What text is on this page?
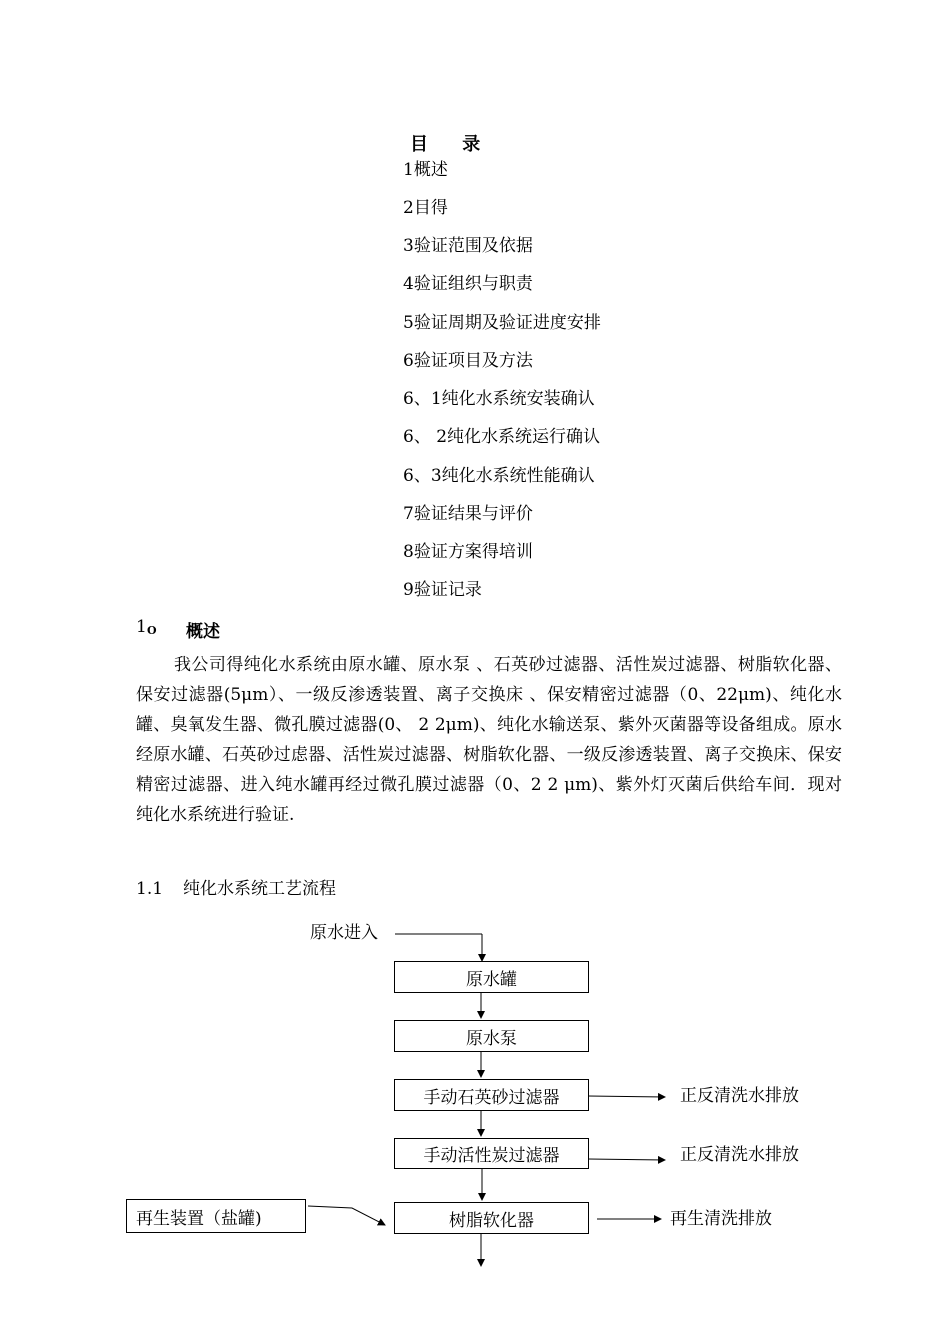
目 录
1概述
2目得
3验证范围及依据
4验证组织与职责
5验证周期及验证进度安排
6验证项目及方法
6、1纯化水系统安装确认
6、 2纯化水系统运行确认
6、3纯化水系统性能确认
7验证结果与评价
8验证方案得培训
9验证记录
1 O 概述
我公司得纯化水系统由原水罐、原水泵 、石英砂过滤器、活性炭过滤器、树脂软化器、保安过滤器(5μm）、一级反渗透装置、离子交换床 、保安精密过滤器（0、22μm)、纯化水罐、臭氧发生器、微孔膜过滤器(0、 2 2μm)、纯化水输送泵、紫外灭菌器等设备组成。原水经原水罐、石英砂过虑器、活性炭过滤器、树脂软化器、一级反渗透装置、离子交换床、保安精密过滤器、进入纯水罐再经过微孔膜过滤器（0、2 2 μm)、紫外灯灭菌后供给车间．现对纯化水系统进行验证.
1.1 纯化水系统工艺流程
原水进入
原水罐
原水泵
手动石英砂过滤器
手动活性炭过滤器
树脂软化器
正反清洗水排放
正反清洗水排放
再生清洗排放
再生装置（盐罐)
